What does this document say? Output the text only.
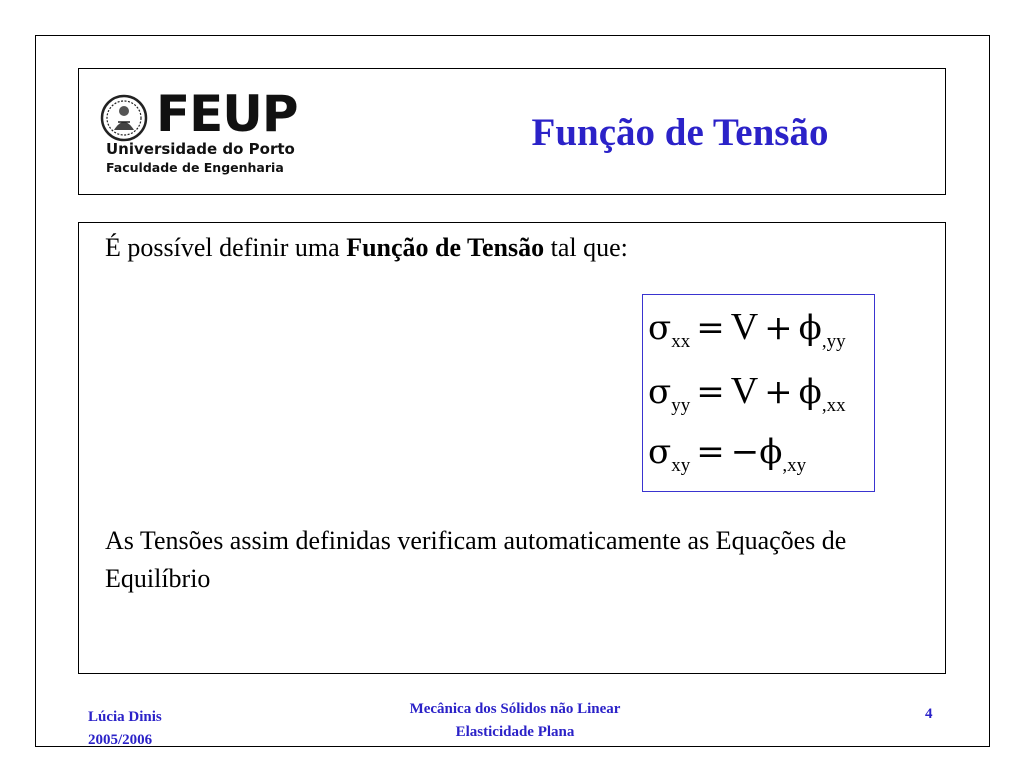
FEUP
Universidade do Porto
Faculdade de Engenharia
Função de Tensão
É possível definir uma Função de Tensão tal que:
$\sigma_{xx} = V + \phi_{,yy}$
$\sigma_{yy} = V + \phi_{,xx}$
$\sigma_{xy} = -\phi_{,xy}$
As Tensões assim definidas verificam automaticamente as Equações de Equilíbrio
Lúcia Dinis
2005/2006
Mecânica dos Sólidos não Linear
Elasticidade Plana
4
